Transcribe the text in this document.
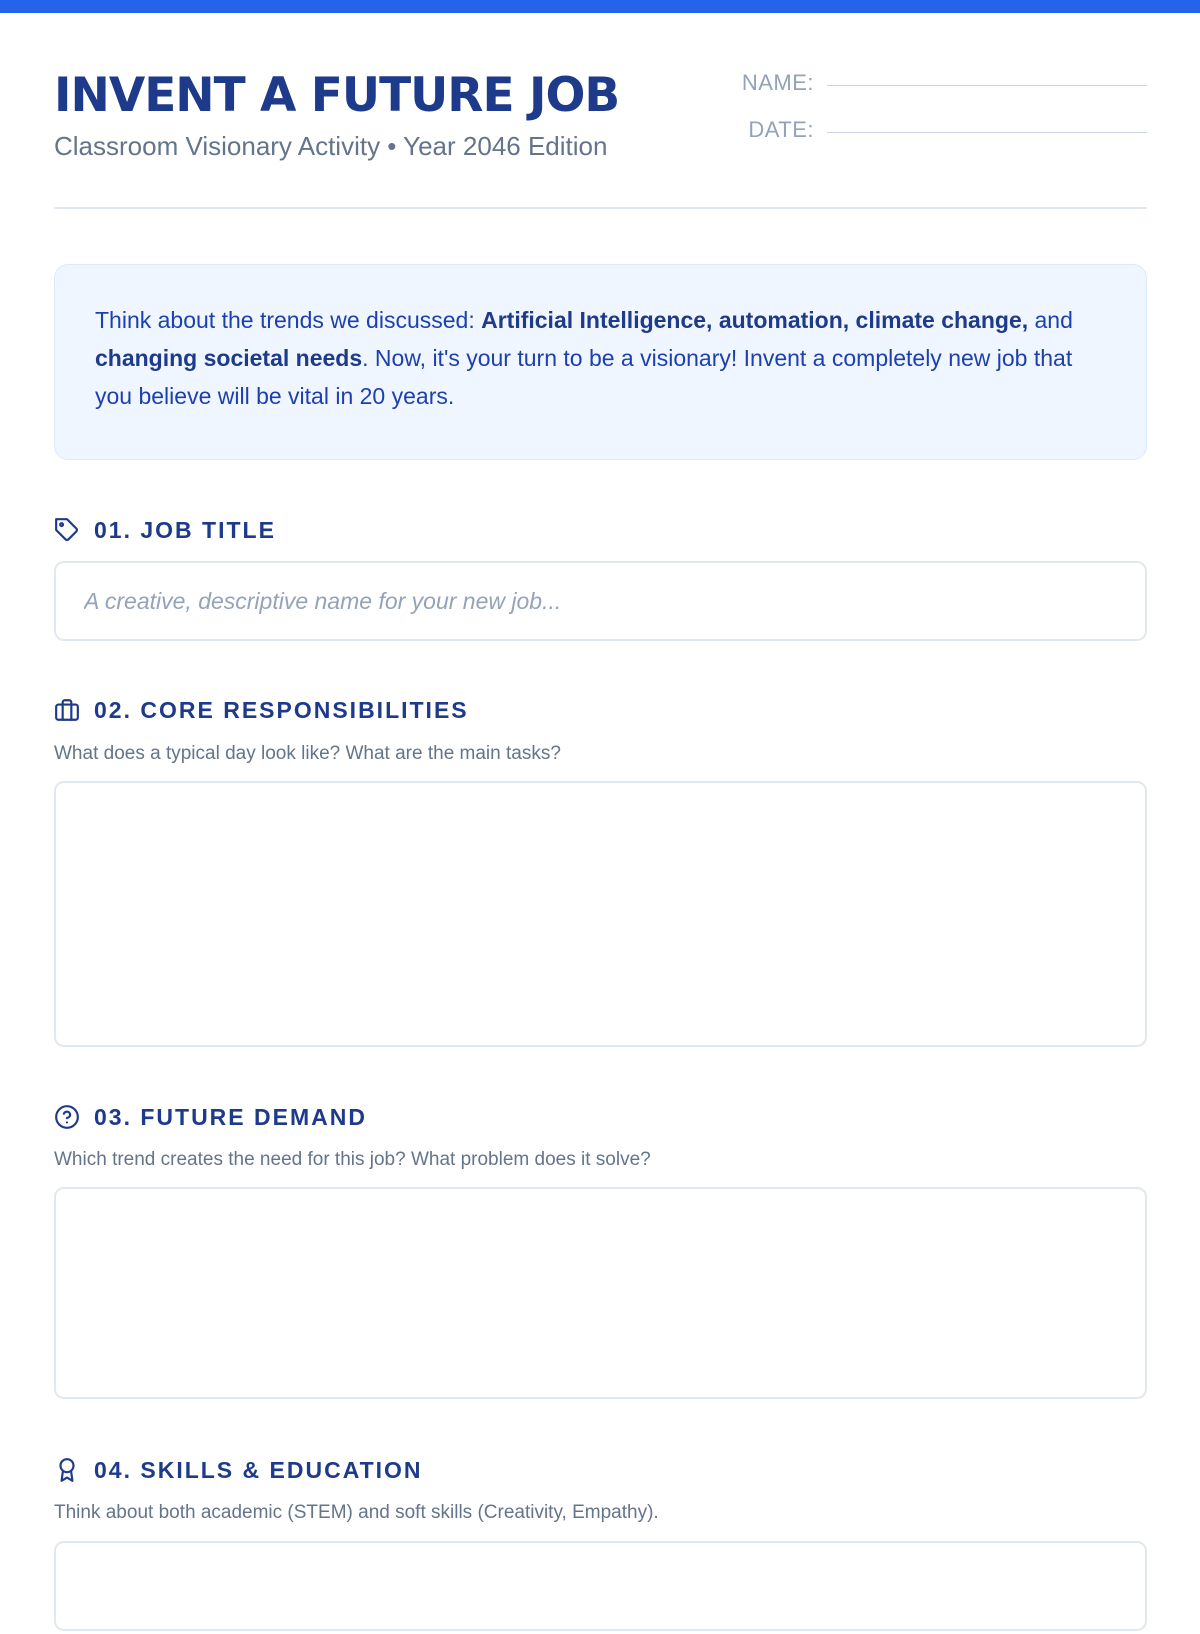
INVENT A FUTURE JOB
Classroom Visionary Activity • Year 2046 Edition
NAME:
DATE:
Think about the trends we discussed: Artificial Intelligence, automation, climate change, and changing societal needs. Now, it's your turn to be a visionary! Invent a completely new job that you believe will be vital in 20 years.
01. JOB TITLE
A creative, descriptive name for your new job...
02. CORE RESPONSIBILITIES
What does a typical day look like? What are the main tasks?
03. FUTURE DEMAND
Which trend creates the need for this job? What problem does it solve?
04. SKILLS & EDUCATION
Think about both academic (STEM) and soft skills (Creativity, Empathy).
